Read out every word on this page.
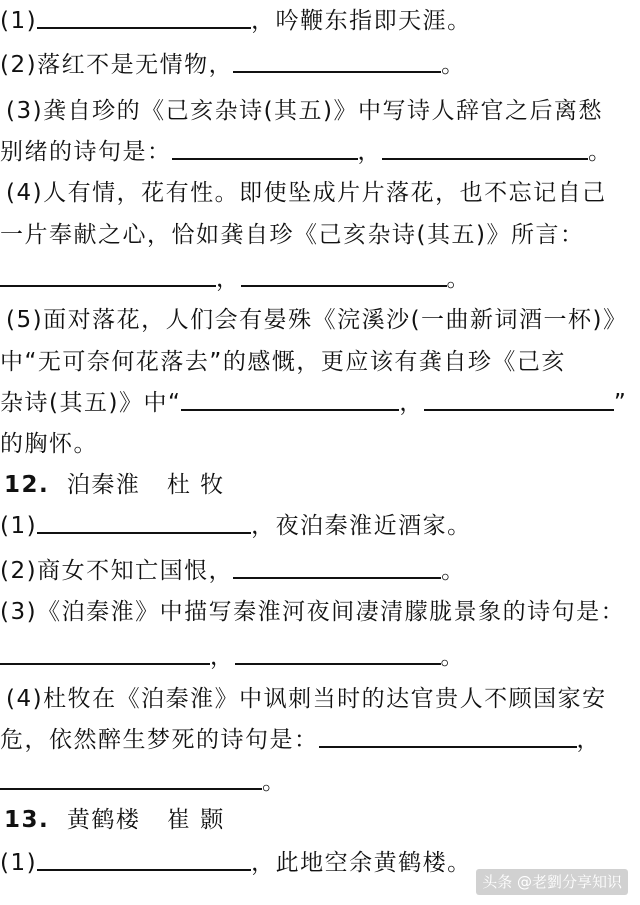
(1)	，吟鞭东指即天涯。
(2)落红不是无情物，	。
(3)龚自珍的《己亥杂诗(其五)》中写诗人辞官之后离愁
别绪的诗句是：	，	。
(4)人有情，花有性。即使坠成片片落花，也不忘记自己
一片奉献之心，恰如龚自珍《己亥杂诗(其五)》所言：
，	。
(5)面对落花，人们会有晏殊《浣溪沙(一曲新词酒一杯)》
中“无可奈何花落去”的感慨，更应该有龚自珍《己亥
杂诗(其五)》中“	，	”
的胸怀。
12. 泊秦淮 杜 牧
(1)	，夜泊秦淮近酒家。
(2)商女不知亡国恨，	。
(3)《泊秦淮》中描写秦淮河夜间凄清朦胧景象的诗句是：
，	。
(4)杜牧在《泊秦淮》中讽刺当时的达官贵人不顾国家安
危，依然醉生梦死的诗句是：	，
。
13. 黄鹤楼 崔 颢
(1)	，此地空余黄鹤楼。
头条 @老劉分享知识
